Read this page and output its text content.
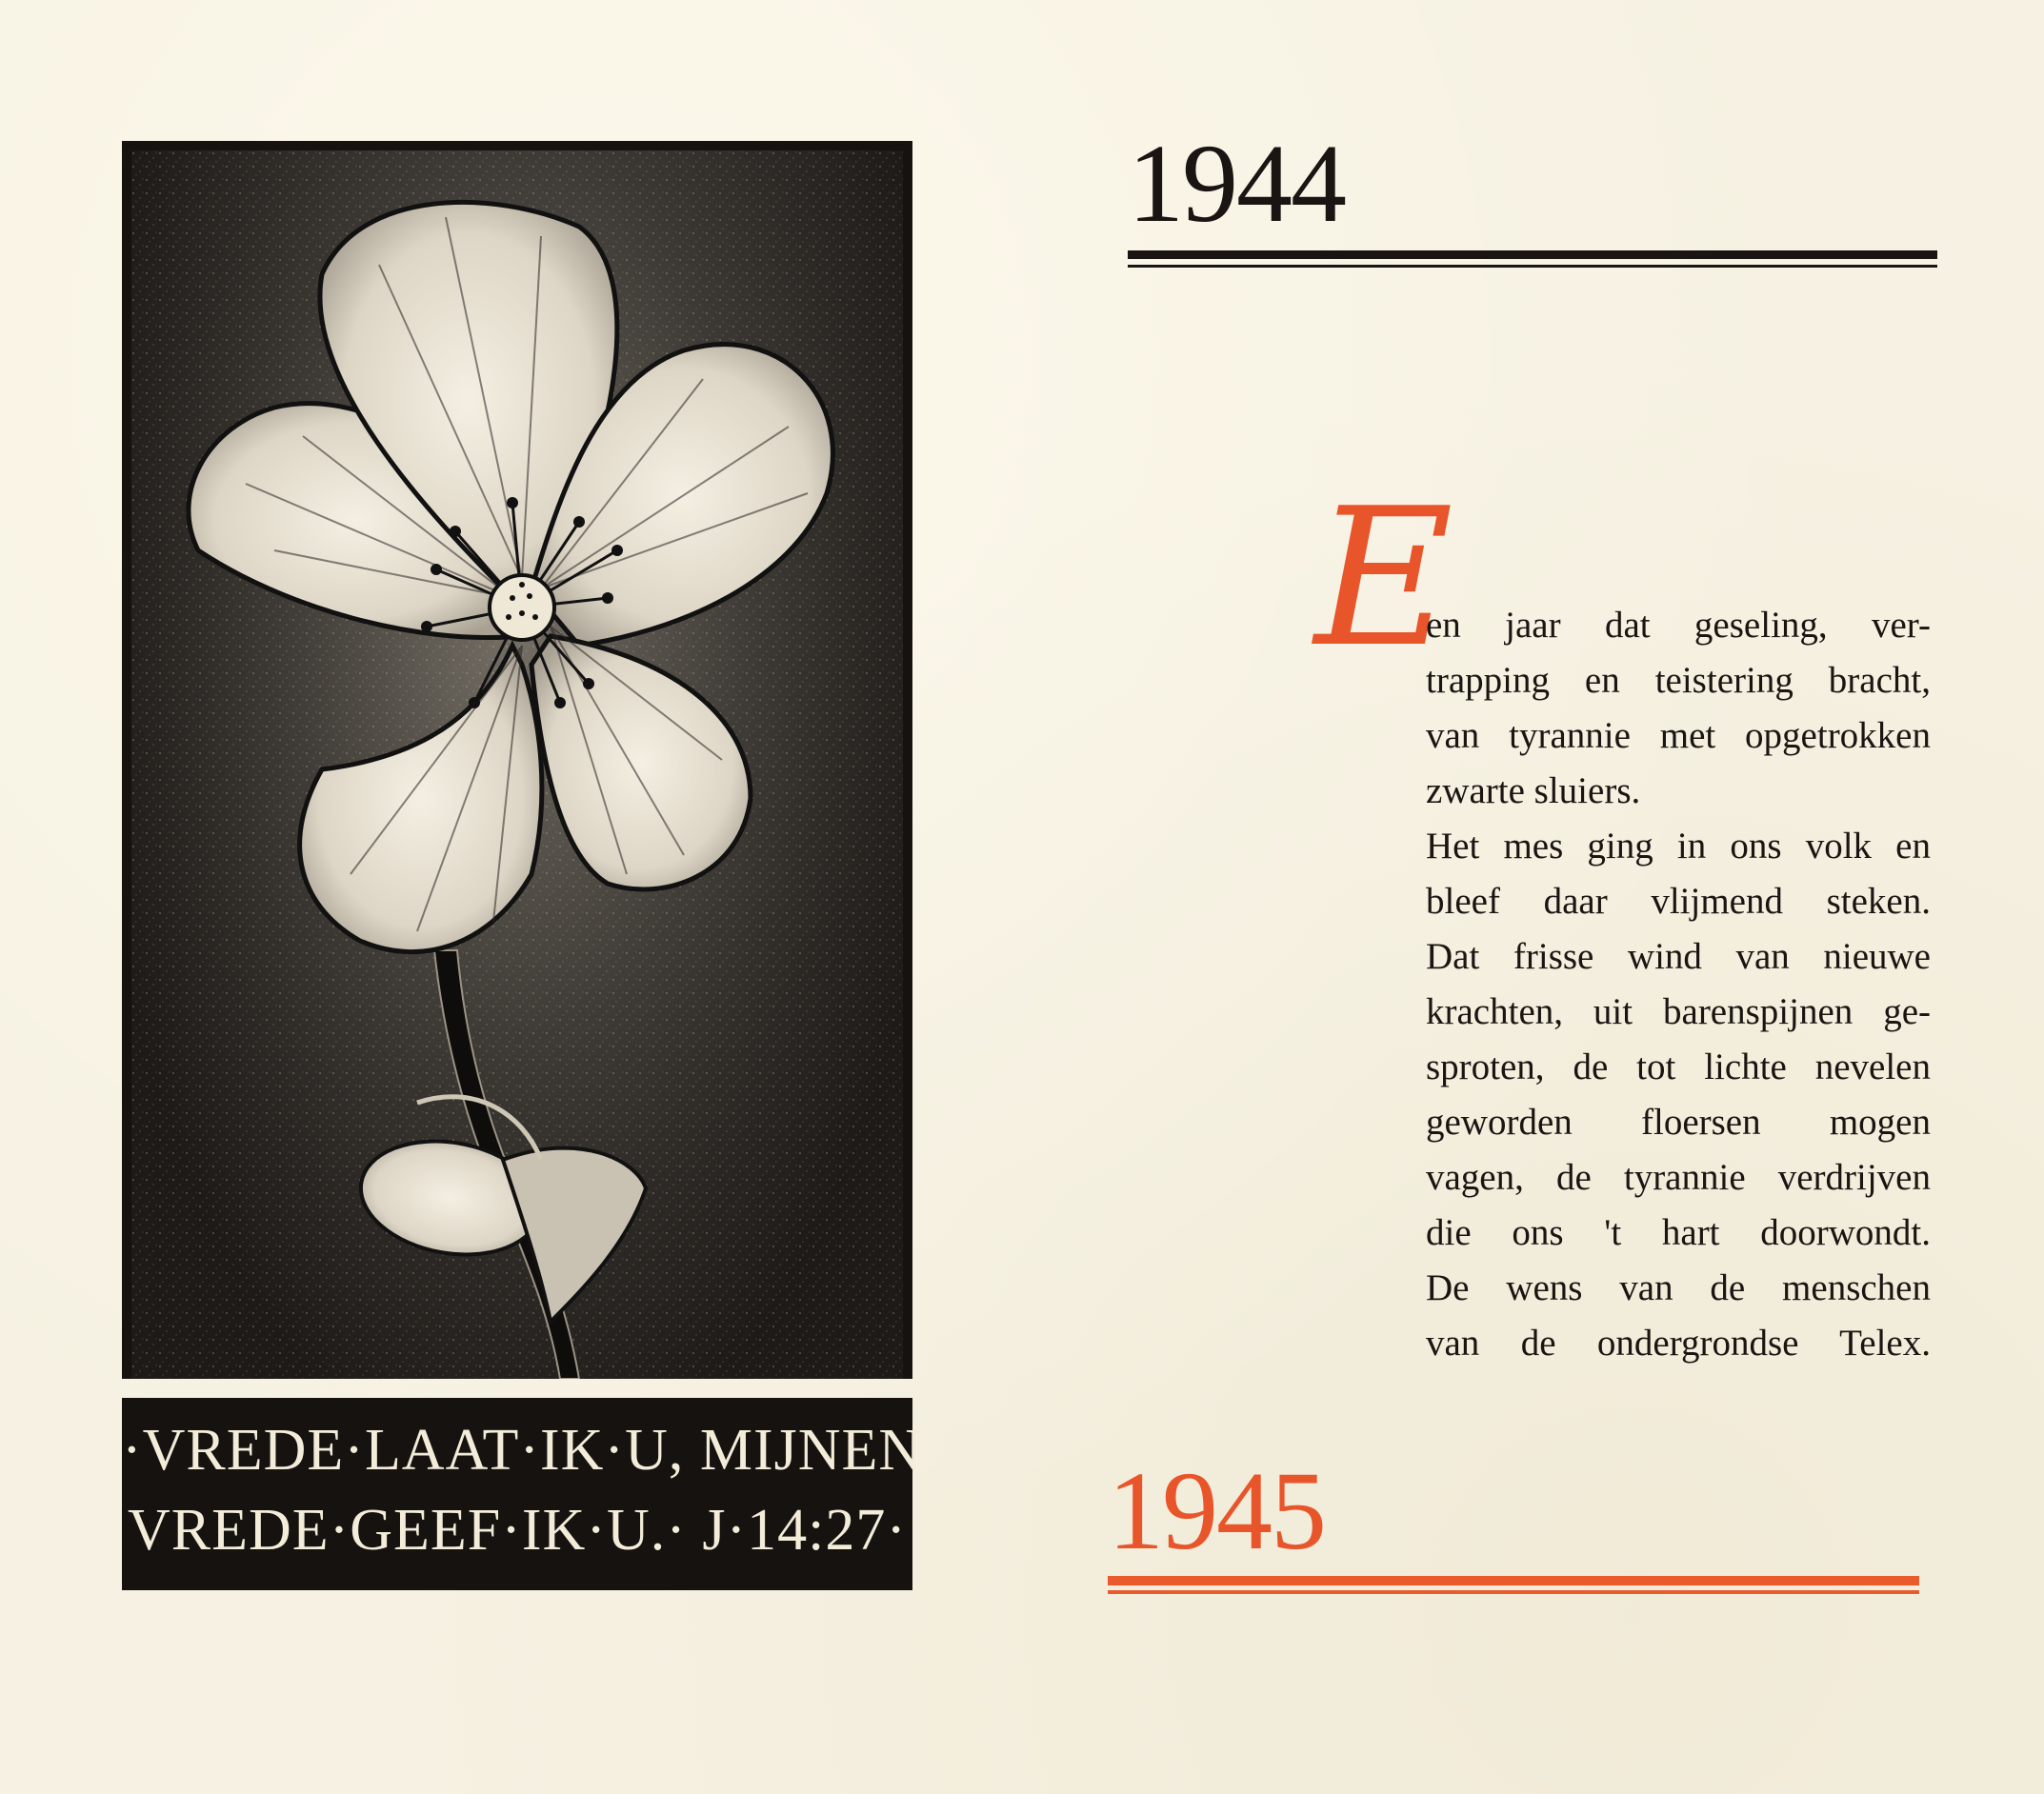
·VREDE·LAAT·IK·U, MIJNEN
VREDE·GEEF·IK·U.· J·14:27·
1944
E
en jaar dat geseling, ver-
trapping en teistering bracht,
van tyrannie met opgetrokken
zwarte sluiers.
Het mes ging in ons volk en
bleef daar vlijmend steken.
Dat frisse wind van nieuwe
krachten, uit barenspijnen ge-
sproten, de tot lichte nevelen
geworden floersen mogen
vagen, de tyrannie verdrijven
die ons 't hart doorwondt.
De wens van de menschen
van de ondergrondse Telex.
1945
